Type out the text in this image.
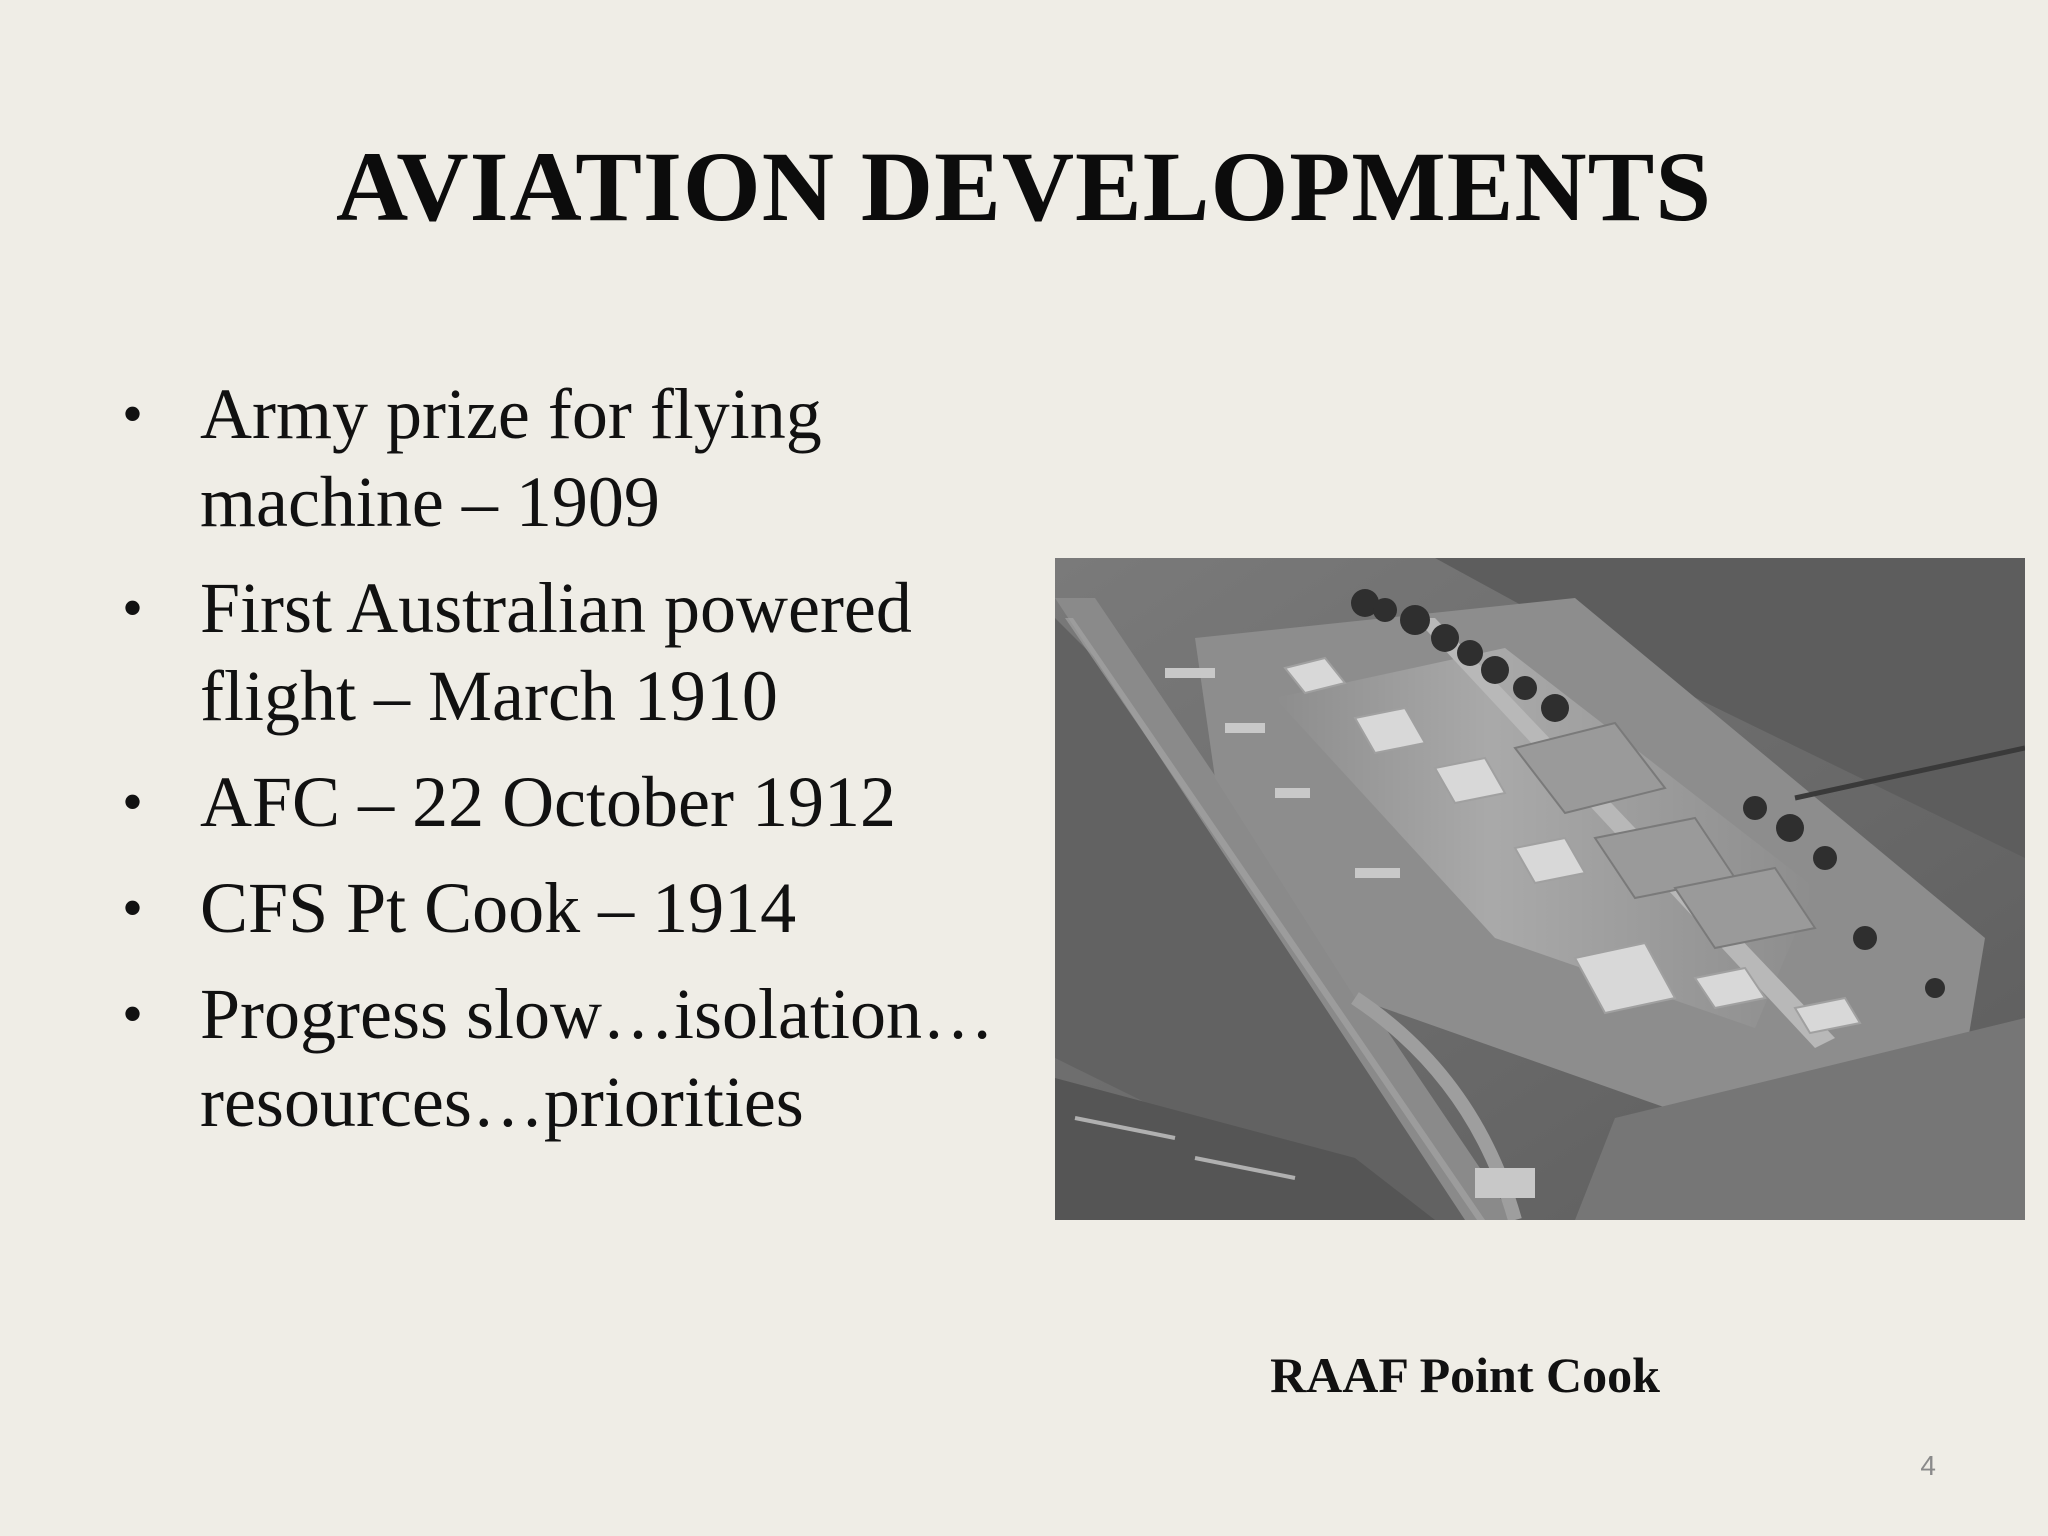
AVIATION DEVELOPMENTS
• Army prize for flying machine – 1909
• First Australian powered flight – March 1910
• AFC – 22 October 1912
• CFS Pt Cook – 1914
• Progress slow…isolation… resources…priorities
RAAF Point Cook
4
